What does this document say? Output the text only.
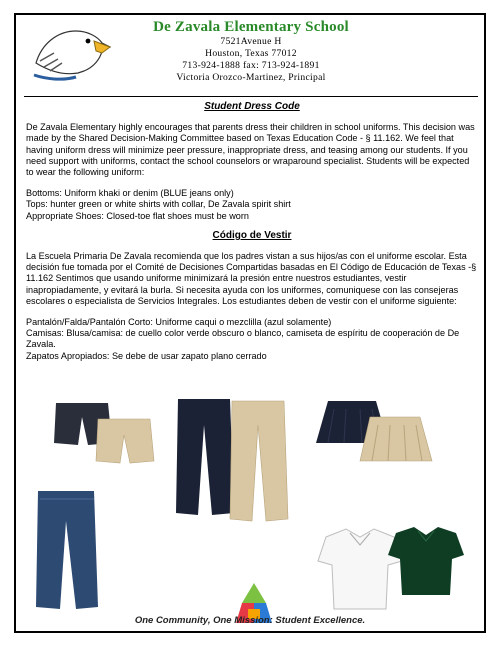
De Zavala Elementary School
7521Avenue H
Houston, Texas 77012
713-924-1888 fax: 713-924-1891
Victoria Orozco-Martinez, Principal
Student Dress Code

De Zavala Elementary highly encourages that parents dress their children in school uniforms. This decision was made by the Shared Decision-Making Committee based on Texas Education Code - § 11.162. We feel that having uniform dress will minimize peer pressure, inappropriate dress, and teasing among our students. If you need support with uniforms, contact the school counselors or wraparound specialist. Students will be expected to wear the following uniform:

Bottoms: Uniform khaki or denim (BLUE jeans only)

Tops: hunter green or white shirts with collar, De Zavala spirit shirt

Appropriate Shoes: Closed-toe flat shoes must be worn

Código de Vestir

La Escuela Primaria De Zavala recomienda que los padres vistan a sus hijos/as con el uniforme escolar. Esta decisión fue tomada por el Comité de Decisiones Compartidas basadas en El Código de Educación de Texas -§ 11.162 Sentimos que usando uniforme minimizará la presión entre nuestros estudiantes, vestir inapropiadamente, y evitará la burla. Si necesita ayuda con los uniformes, comuniquese con las consejeras escolares o especialista de Servicios Integrales. Los estudiantes deben de vestir con el uniforme siguiente:

Pantalón/Falda/Pantalón Corto: Uniforme caqui o mezclilla (azul solamente)

Camisas: Blusa/camisa: de cuello color verde obscuro o blanco, camiseta de espíritu de cooperación de De Zavala.

Zapatos Apropiados: Se debe de usar zapato plano cerrado

One Community, One Mission: Student Excellence.
